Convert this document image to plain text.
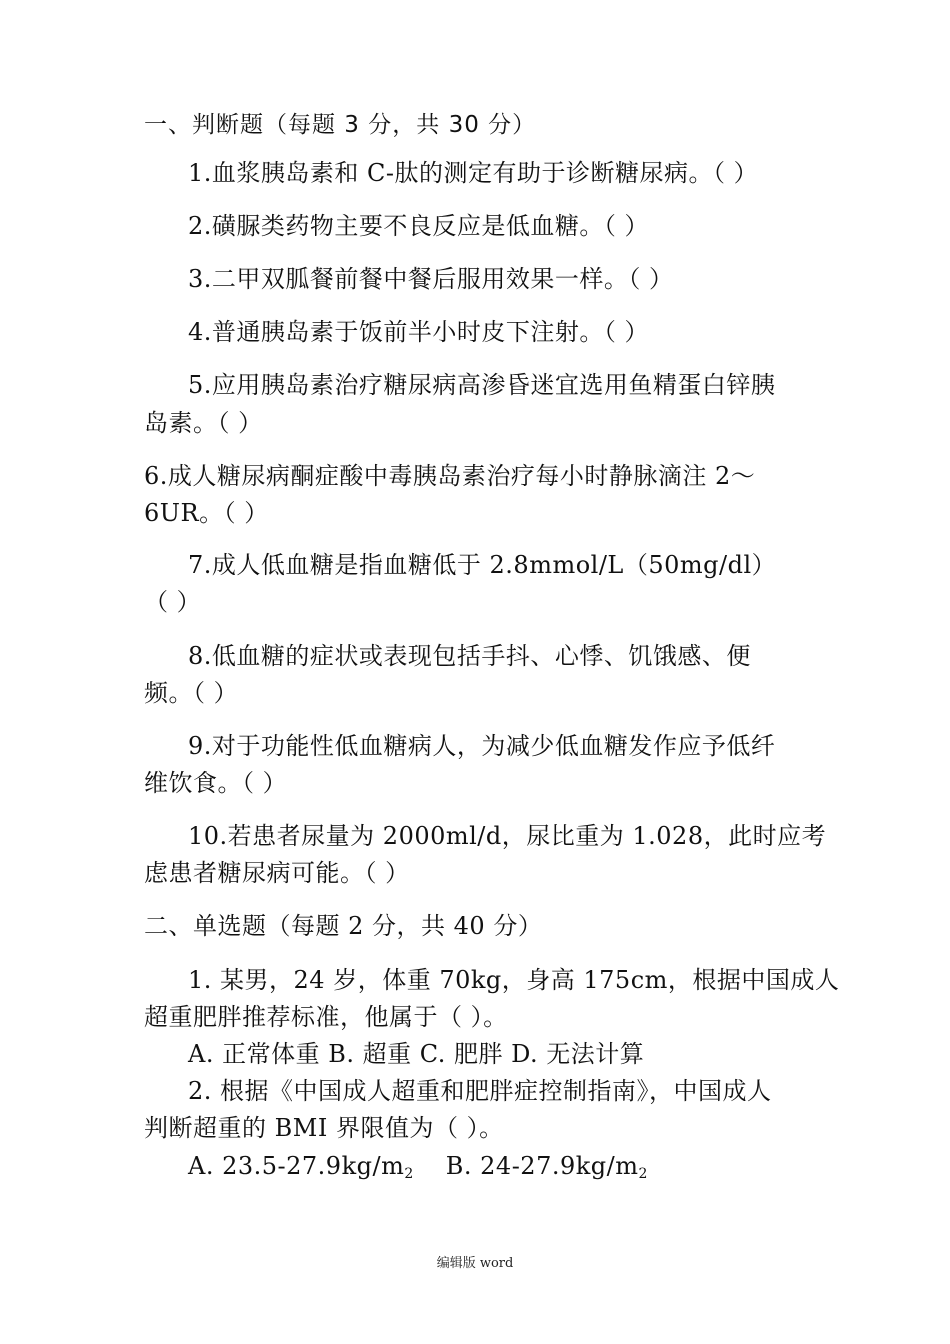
一、判断题（每题 3 分，共 30 分）
1.血浆胰岛素和 C-肽的测定有助于诊断糖尿病。（ ）
2.磺脲类药物主要不良反应是低血糖。（ ）
3.二甲双胍餐前餐中餐后服用效果一样。（ ）
4.普通胰岛素于饭前半小时皮下注射。（ ）
5.应用胰岛素治疗糖尿病高渗昏迷宜选用鱼精蛋白锌胰
岛素。（ ）
6.成人糖尿病酮症酸中毒胰岛素治疗每小时静脉滴注 2～
6UR。（ ）
7.成人低血糖是指血糖低于 2.8mmol/L（50mg/dl）
（ ）
8.低血糖的症状或表现包括手抖、心悸、饥饿感、便
频。（ ）
9.对于功能性低血糖病人，为减少低血糖发作应予低纤
维饮食。（ ）
10.若患者尿量为 2000ml/d，尿比重为 1.028，此时应考
虑患者糖尿病可能。（ ）
二、单选题（每题 2 分，共 40 分）
1. 某男，24 岁，体重 70kg，身高 175cm，根据中国成人
超重肥胖推荐标准，他属于（ ）。
A. 正常体重 B. 超重 C. 肥胖 D. 无法计算
2. 根据《中国成人超重和肥胖症控制指南》，中国成人
判断超重的 BMI 界限值为（ ）。
A. $23.5-27.9kg/m_2$ B. $24-27.9kg/m_2$
编辑版 word
